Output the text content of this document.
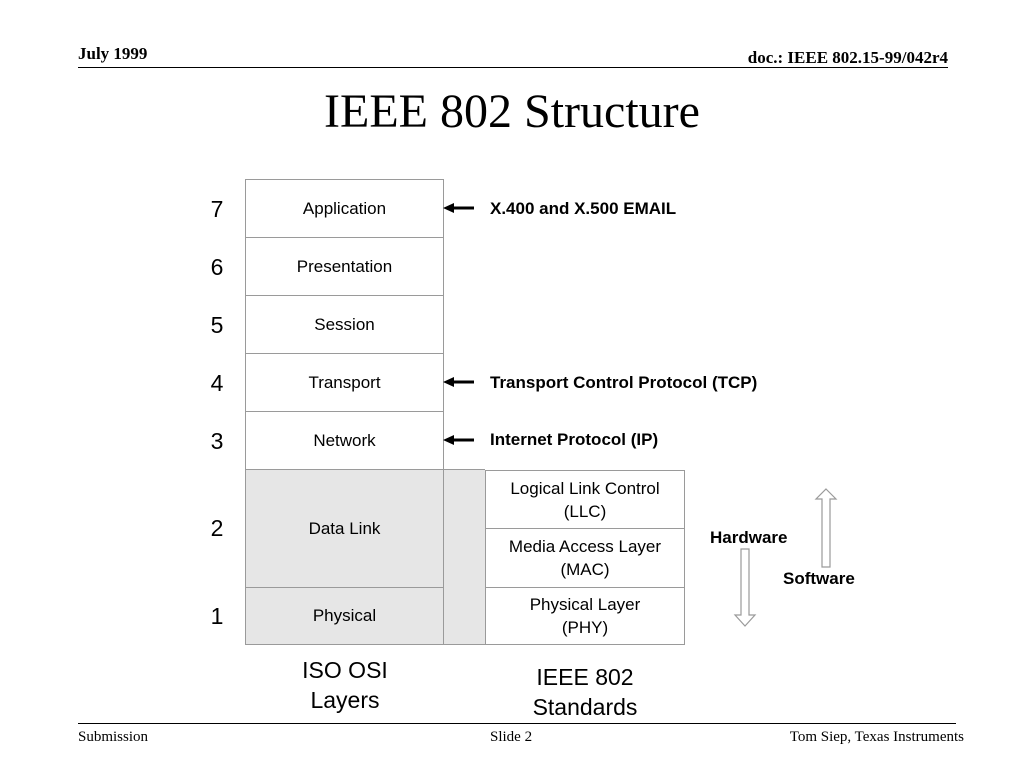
July 1999	doc.: IEEE 802.15-99/042r4
IEEE 802 Structure
Application
Presentation
Session
Transport
Network
Data Link
Physical
7
6
5
4
3
2
1
X.400 and X.500 EMAIL
Transport Control Protocol (TCP)
Internet Protocol (IP)
Logical Link Control
(LLC)
Media Access Layer
(MAC)
Physical Layer
(PHY)
ISO OSI
Layers
IEEE 802
Standards
Hardware
Software
Submission	Slide 2	Tom Siep, Texas Instruments
